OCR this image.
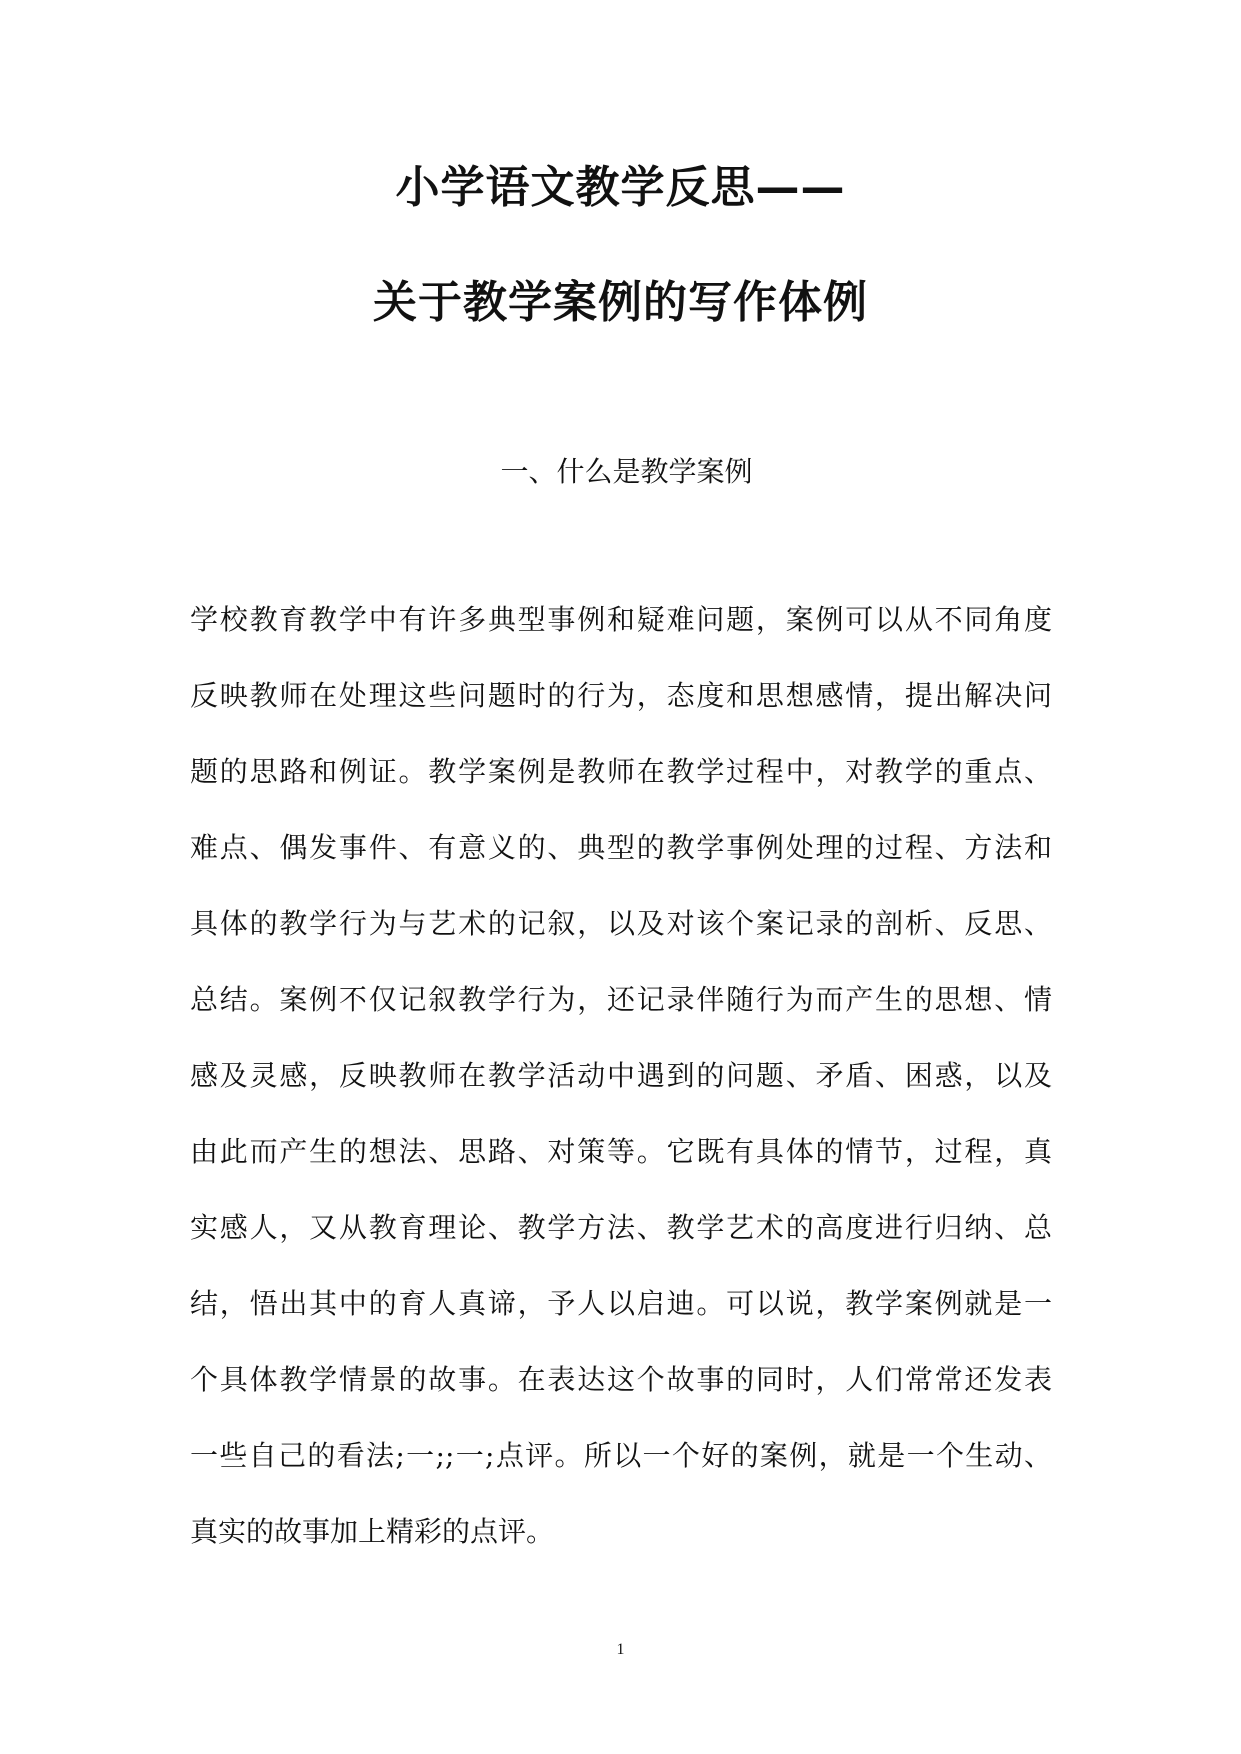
小学语文教学反思——
关于教学案例的写作体例
一、什么是教学案例
学校教育教学中有许多典型事例和疑难问题，案例可以从不同角度
反映教师在处理这些问题时的行为，态度和思想感情，提出解决问
题的思路和例证。教学案例是教师在教学过程中，对教学的重点、
难点、偶发事件、有意义的、典型的教学事例处理的过程、方法和
具体的教学行为与艺术的记叙，以及对该个案记录的剖析、反思、
总结。案例不仅记叙教学行为，还记录伴随行为而产生的思想、情
感及灵感，反映教师在教学活动中遇到的问题、矛盾、困惑，以及
由此而产生的想法、思路、对策等。它既有具体的情节，过程，真
实感人，又从教育理论、教学方法、教学艺术的高度进行归纳、总
结，悟出其中的育人真谛，予人以启迪。可以说，教学案例就是一
个具体教学情景的故事。在表达这个故事的同时，人们常常还发表
一些自己的看法;一;;一;点评。所以一个好的案例，就是一个生动、
真实的故事加上精彩的点评。
1
